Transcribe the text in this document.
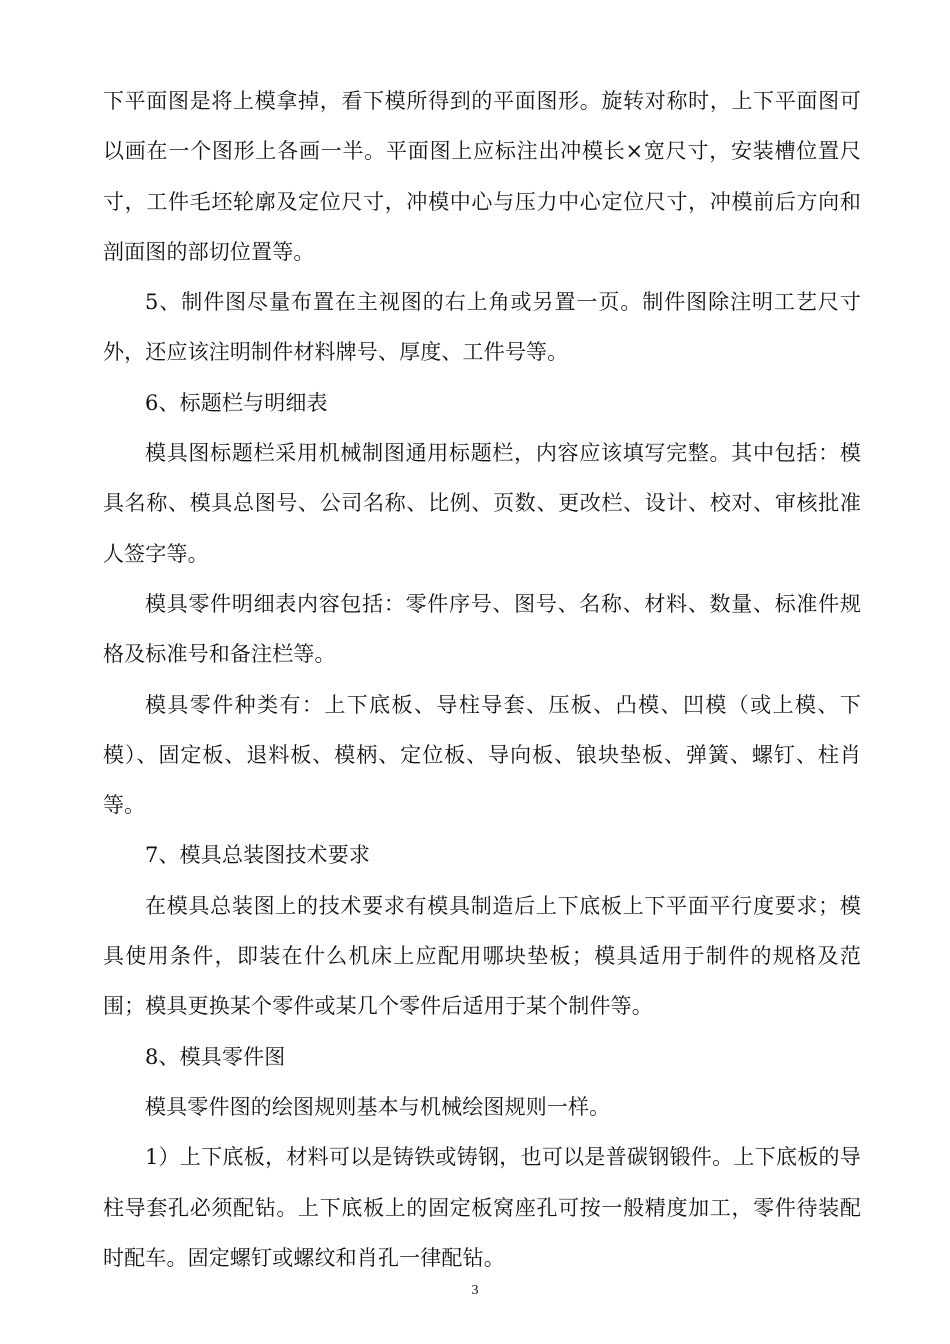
下平面图是将上模拿掉，看下模所得到的平面图形。旋转对称时，上下平面图可以画在一个图形上各画一半。平面图上应标注出冲模长×宽尺寸，安装槽位置尺寸，工件毛坯轮廓及定位尺寸，冲模中心与压力中心定位尺寸，冲模前后方向和剖面图的部切位置等。

5、制件图尽量布置在主视图的右上角或另置一页。制件图除注明工艺尺寸外，还应该注明制件材料牌号、厚度、工件号等。

6、标题栏与明细表

模具图标题栏采用机械制图通用标题栏，内容应该填写完整。其中包括：模具名称、模具总图号、公司名称、比例、页数、更改栏、设计、校对、审核批准人签字等。

模具零件明细表内容包括：零件序号、图号、名称、材料、数量、标准件规格及标准号和备注栏等。

模具零件种类有：上下底板、导柱导套、压板、凸模、凹模（或上模、下模）、固定板、退料板、模柄、定位板、导向板、锒块垫板、弹簧、螺钉、柱肖等。

7、模具总装图技术要求

在模具总装图上的技术要求有模具制造后上下底板上下平面平行度要求；模具使用条件，即装在什么机床上应配用哪块垫板；模具适用于制件的规格及范围；模具更换某个零件或某几个零件后适用于某个制件等。

8、模具零件图

模具零件图的绘图规则基本与机械绘图规则一样。

1）上下底板，材料可以是铸铁或铸钢，也可以是普碳钢锻件。上下底板的导柱导套孔必须配钻。上下底板上的固定板窝座孔可按一般精度加工，零件待装配时配车。固定螺钉或螺纹和肖孔一律配钻。

3
